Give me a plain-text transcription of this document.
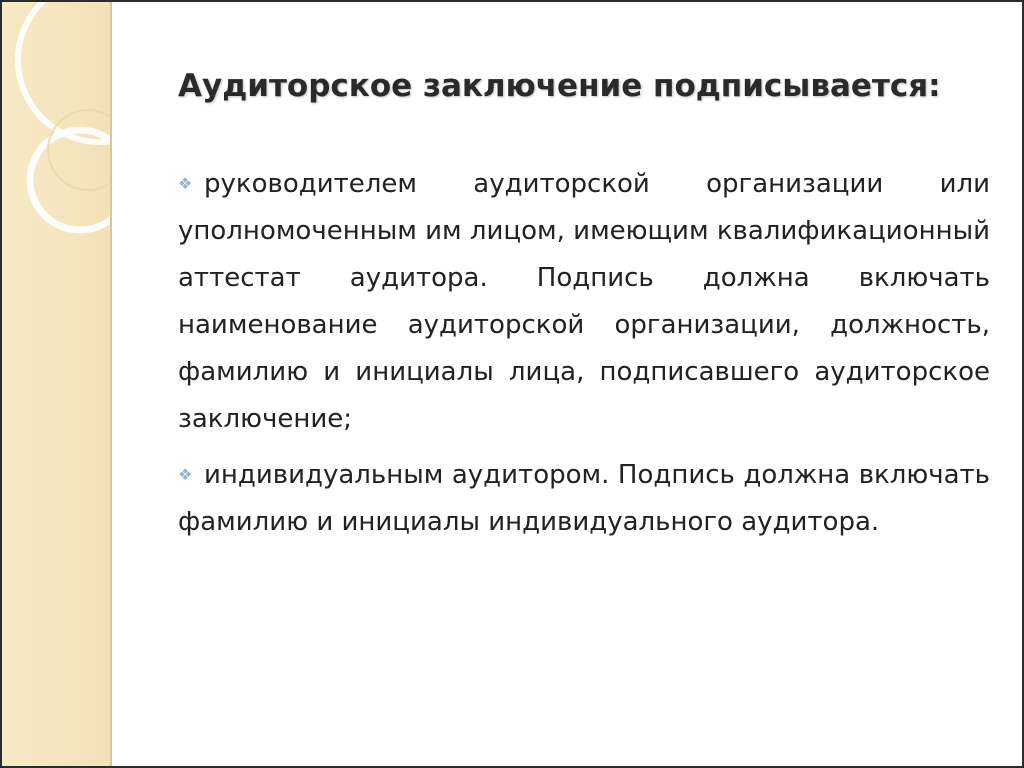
Аудиторское заключение подписывается:
❖ руководителем аудиторской организации или уполномоченным им лицом, имеющим квалификационный аттестат аудитора. Подпись должна включать наименование аудиторской организации, должность, фамилию и инициалы лица, подписавшего аудиторское заключение;
❖ индивидуальным аудитором. Подпись должна включать фамилию и инициалы индивидуального аудитора.
